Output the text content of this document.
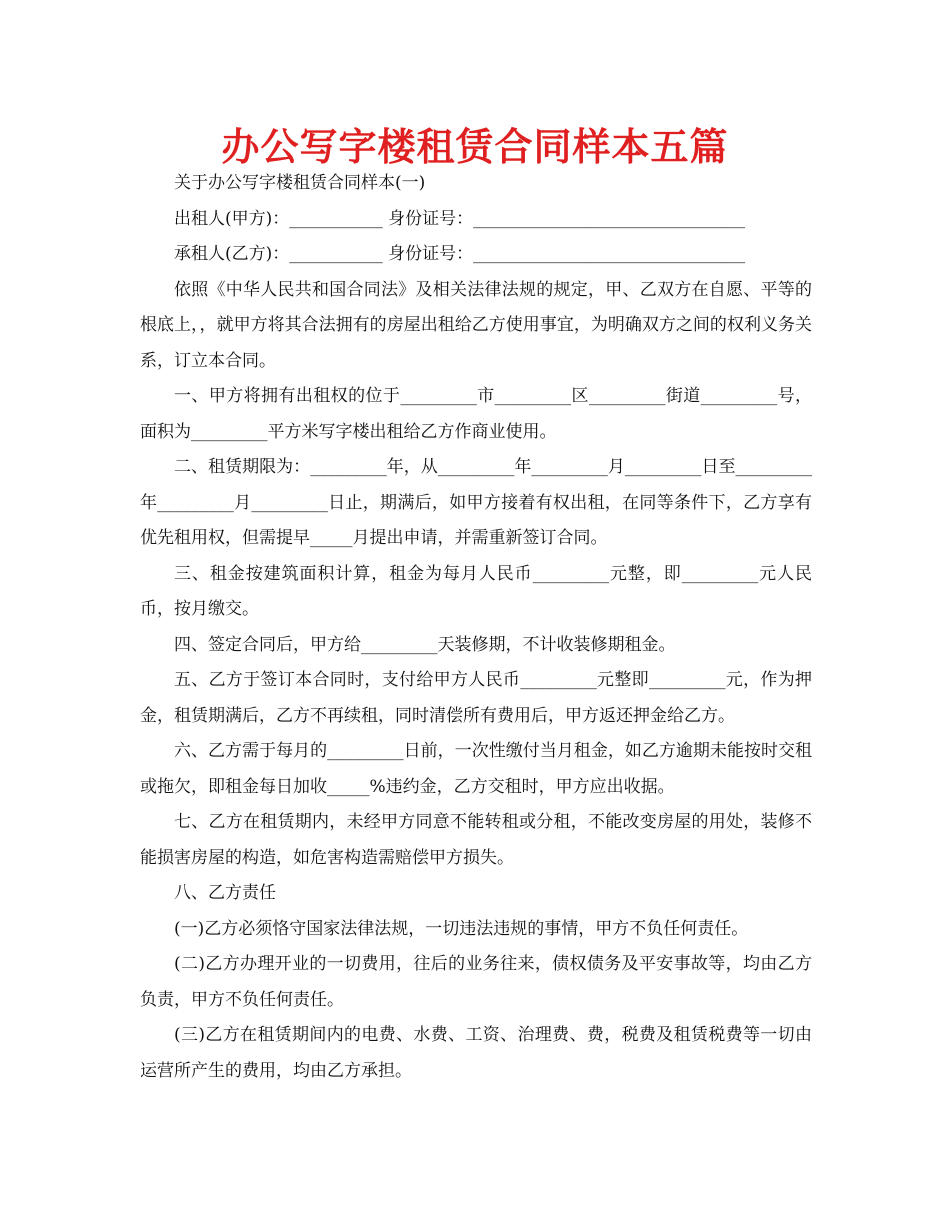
办公写字楼租赁合同样本五篇

关于办公写字楼租赁合同样本(一)

出租人(甲方)：___________ 身份证号：________________________________

承租人(乙方)：___________ 身份证号：________________________________

依照《中华人民共和国合同法》及相关法律法规的规定，甲、乙双方在自愿、平等的根底上，，就甲方将其合法拥有的房屋出租给乙方使用事宜，为明确双方之间的权利义务关系，订立本合同。

一、甲方将拥有出租权的位于_________市_________区_________街道_________号，面积为_________平方米写字楼出租给乙方作商业使用。

二、租赁期限为：_________年，从_________年_________月_________日至_________年_________月_________日止，期满后，如甲方接着有权出租，在同等条件下，乙方享有优先租用权，但需提早_____月提出申请，并需重新签订合同。

三、租金按建筑面积计算，租金为每月人民币_________元整，即_________元人民币，按月缴交。

四、签定合同后，甲方给_________天装修期，不计收装修期租金。

五、乙方于签订本合同时，支付给甲方人民币_________元整即_________元，作为押金，租赁期满后，乙方不再续租，同时清偿所有费用后，甲方返还押金给乙方。

六、乙方需于每月的_________日前，一次性缴付当月租金，如乙方逾期未能按时交租或拖欠，即租金每日加收_____%违约金，乙方交租时，甲方应出收据。

七、乙方在租赁期内，未经甲方同意不能转租或分租，不能改变房屋的用处，装修不能损害房屋的构造，如危害构造需赔偿甲方损失。

八、乙方责任

(一)乙方必须恪守国家法律法规，一切违法违规的事情，甲方不负任何责任。

(二)乙方办理开业的一切费用，往后的业务往来，债权债务及平安事故等，均由乙方负责，甲方不负任何责任。

(三)乙方在租赁期间内的电费、水费、工资、治理费、费，税费及租赁税费等一切由运营所产生的费用，均由乙方承担。
